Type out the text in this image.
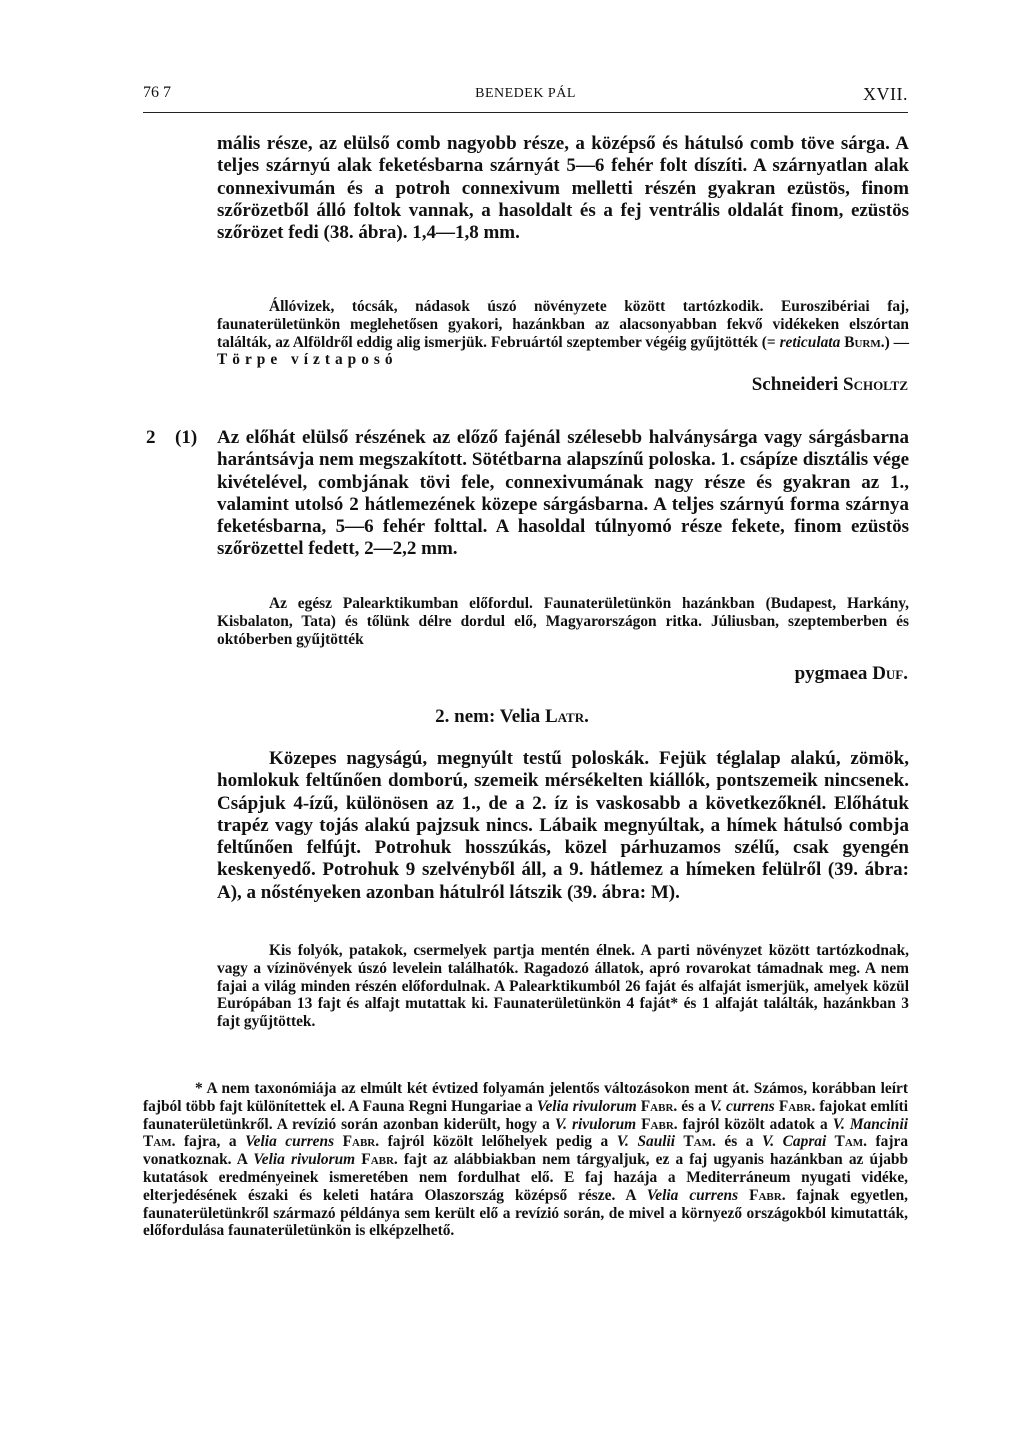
76 7	BENEDEK PÁL	XVII.

mális része, az elülső comb nagyobb része, a középső és hátulsó comb töve sárga. A teljes szárnyú alak feketésbarna szárnyát 5—6 fehér folt díszíti. A szárnyatlan alak connexivumán és a potroh connexivum melletti részén gyakran ezüstös, finom szőrözetből álló foltok vannak, a hasoldalt és a fej ventrális oldalát finom, ezüstös szőrözet fedi (38. ábra). 1,4—1,8 mm.

Állóvizek, tócsák, nádasok úszó növényzete között tartózkodik. Euroszibériai faj, faunaterületünkön meglehetősen gyakori, hazánkban az alacsonyabban fekvő vidékeken elszórtan találták, az Alföldről eddig alig ismerjük. Februártól szeptember végéig gyűjtötték (= reticulata Burm.) — Törpe víztaposó

Schneideri Scholtz
2 (1) Az előhát elülső részének az előző fajénál szélesebb halványsárga vagy sárgásbarna harántsávja nem megszakított. Sötétbarna alapszínű poloska. 1. csápíze disztális vége kivételével, combjának tövi fele, connexivumának nagy része és gyakran az 1., valamint utolsó 2 hátlemezének közepe sárgásbarna. A teljes szárnyú forma szárnya feketésbarna, 5—6 fehér folttal. A hasoldal túlnyomó része fekete, finom ezüstös szőrözettel fedett, 2—2,2 mm.

Az egész Palearktikumban előfordul. Faunaterületünkön hazánkban (Budapest, Harkány, Kisbalaton, Tata) és tőlünk délre dordul elő, Magyarországon ritka. Júliusban, szeptemberben és októberben gyűjtötték

pygmaea Duf.
2. nem: Velia Latr.

Közepes nagyságú, megnyúlt testű poloskák. Fejük téglalap alakú, zömök, homlokuk feltűnően domború, szemeik mérsékelten kiállók, pontszemeik nincsenek. Csápjuk 4-ízű, különösen az 1., de a 2. íz is vaskosabb a következőknél. Előhátuk trapéz vagy tojás alakú pajzsuk nincs. Lábaik megnyúltak, a hímek hátulsó combja feltűnően felfújt. Potrohuk hosszúkás, közel párhuzamos szélű, csak gyengén keskenyedő. Potrohuk 9 szelvényből áll, a 9. hátlemez a hímeken felülről (39. ábra: A), a nőstényeken azonban hátulról látszik (39. ábra: M).

Kis folyók, patakok, csermelyek partja mentén élnek. A parti növényzet között tartózkodnak, vagy a vízinövények úszó levelein találhatók. Ragadozó állatok, apró rovarokat támadnak meg. A nem fajai a világ minden részén előfordulnak. A Palearktikumból 26 faját és alfaját ismerjük, amelyek közül Európában 13 fajt és alfajt mutattak ki. Faunaterületünkön 4 faját* és 1 alfaját találták, hazánkban 3 fajt gyűjtöttek.

* A nem taxonómiája az elmúlt két évtized folyamán jelentős változásokon ment át. Számos, korábban leírt fajból több fajt különítettek el. A Fauna Regni Hungariae a Velia rivulorum Fabr. és a V. currens Fabr. fajokat említi faunaterületünkről. A revízió során azonban kiderült, hogy a V. rivulorum Fabr. fajról közölt adatok a V. Mancinii Tam. fajra, a Velia currens Fabr. fajról közölt lelőhelyek pedig a V. Saulii Tam. és a V. Caprai Tam. fajra vonatkoznak. A Velia rivulorum Fabr. fajt az alábbiakban nem tárgyaljuk, ez a faj ugyanis hazánkban az újabb kutatások eredményeinek ismeretében nem fordulhat elő. E faj hazája a Mediterráneum nyugati vidéke, elterjedésének északi és keleti határa Olaszország középső része. A Velia currens Fabr. fajnak egyetlen, faunaterületünkről származó példánya sem került elő a revízió során, de mivel a környező országokból kimutatták, előfordulása faunaterületünkön is elképzelhető.
